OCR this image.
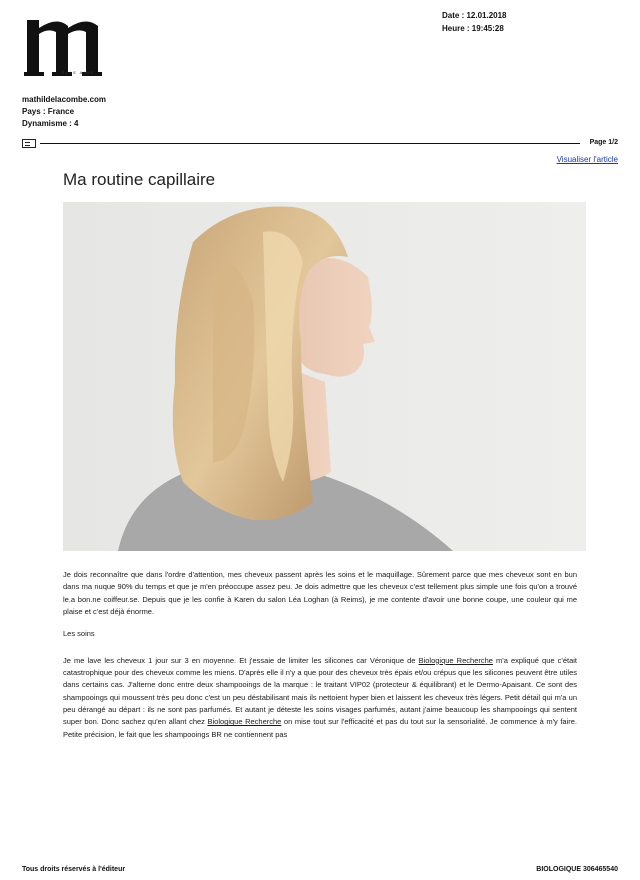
ELLE AIME
Date : 12.01.2018
Heure : 19:45:28
mathildelacombe.com
Pays : France
Dynamisme : 4
Page 1/2
Visualiser l'article
Ma routine capillaire

Je dois reconnaître que dans l'ordre d'attention, mes cheveux passent après les soins et le maquillage. Sûrement parce que mes cheveux sont en bun dans ma nuque 90% du temps et que je m'en préoccupe assez peu. Je dois admettre que les cheveux c'est tellement plus simple une fois qu'on a trouvé le.a bon.ne coiffeur.se. Depuis que je les confie à Karen du salon Léa Loghan (à Reims), je me contente d'avoir une bonne coupe, une couleur qui me plaise et c'est déjà énorme.

Les soins

Je me lave les cheveux 1 jour sur 3 en moyenne. Et j'essaie de limiter les silicones car Véronique de Biologique Recherche m'a expliqué que c'était catastrophique pour des cheveux comme les miens. D'après elle il n'y a que pour des cheveux très épais et/ou crépus que les silicones peuvent être utiles dans certains cas. J'alterne donc entre deux shampooings de la marque : le traitant VIP02 (protecteur & équilibrant) et le Dermo-Apaisant. Ce sont des shampooings qui moussent très peu donc c'est un peu déstabilisant mais ils nettoient hyper bien et laissent les cheveux très légers. Petit détail qui m'a un peu dérangé au départ : ils ne sont pas parfumés. Et autant je déteste les soins visages parfumés, autant j'aime beaucoup les shampooings qui sentent super bon. Donc sachez qu'en allant chez Biologique Recherche on mise tout sur l'efficacité et pas du tout sur la sensorialité. Je commence à m'y faire. Petite précision, le fait que les shampooings BR ne contiennent pas

Tous droits réservés à l'éditeur	BIOLOGIQUE 306465540
